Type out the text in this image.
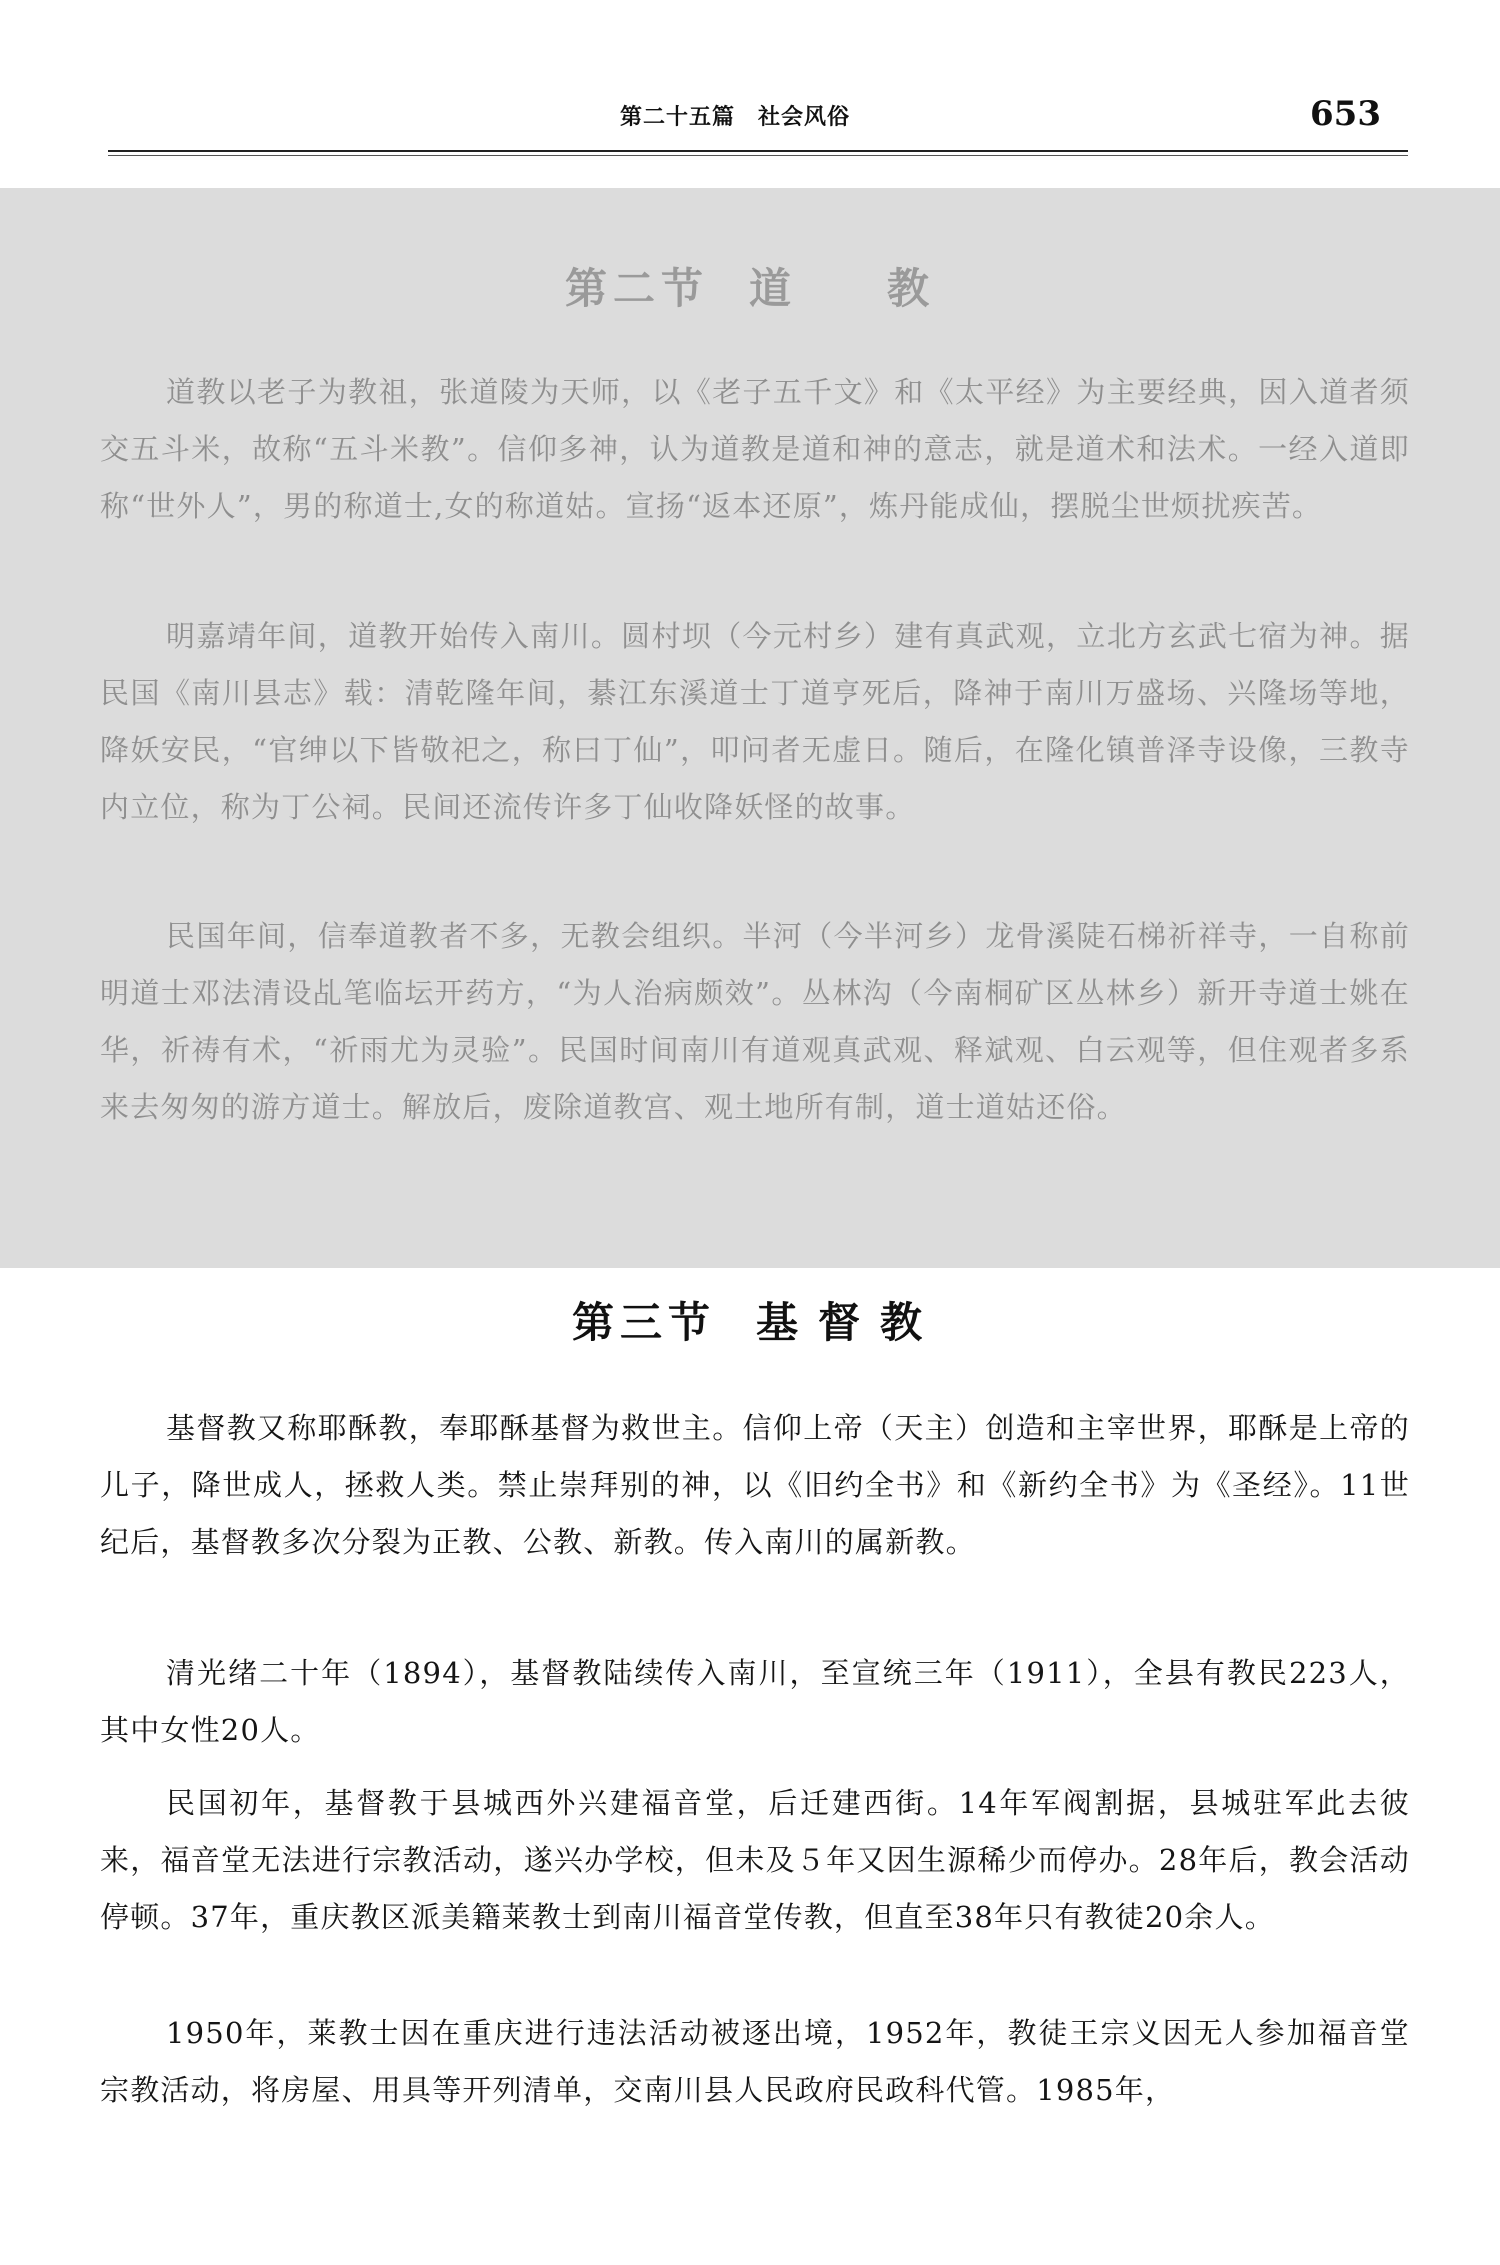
第二十五篇　社会风俗	653
第二节 道 教

道教以老子为教祖，张道陵为天师，以《老子五千文》和《太平经》为主要经典，因入道者须交五斗米，故称“五斗米教”。信仰多神，认为道教是道和神的意志，就是道术和法术。一经入道即称“世外人”，男的称道士,女的称道姑。宣扬“返本还原”，炼丹能成仙，摆脱尘世烦扰疾苦。

明嘉靖年间，道教开始传入南川。圆村坝（今元村乡）建有真武观，立北方玄武七宿为神。据民国《南川县志》载：清乾隆年间，綦江东溪道士丁道亨死后，降神于南川万盛场、兴隆场等地，降妖安民，“官绅以下皆敬祀之，称曰丁仙”，叩问者无虚日。随后，在隆化镇普泽寺设像，三教寺内立位，称为丁公祠。民间还流传许多丁仙收降妖怪的故事。

民国年间，信奉道教者不多，无教会组织。半河（今半河乡）龙骨溪陡石梯祈祥寺，一自称前明道士邓法清设乩笔临坛开药方，“为人治病颇效”。丛林沟（今南桐矿区丛林乡）新开寺道士姚在华，祈祷有术，“祈雨尤为灵验”。民国时间南川有道观真武观、释斌观、白云观等，但住观者多系来去匆匆的游方道士。解放后，废除道教宫、观土地所有制，道士道姑还俗。

第三节 基 督 教

基督教又称耶酥教，奉耶酥基督为救世主。信仰上帝（天主）创造和主宰世界，耶酥是上帝的儿子，降世成人，拯救人类。禁止崇拜别的神，以《旧约全书》和《新约全书》为《圣经》。11世纪后，基督教多次分裂为正教、公教、新教。传入南川的属新教。

清光绪二十年（1894），基督教陆续传入南川，至宣统三年（1911），全县有教民223人，其中女性20人。

民国初年，基督教于县城西外兴建福音堂，后迁建西街。14年军阀割据，县城驻军此去彼来，福音堂无法进行宗教活动，遂兴办学校，但未及５年又因生源稀少而停办。28年后，教会活动停顿。37年，重庆教区派美籍莱教士到南川福音堂传教，但直至38年只有教徒20余人。

1950年，莱教士因在重庆进行违法活动被逐出境，1952年，教徒王宗义因无人参加福音堂宗教活动，将房屋、用具等开列清单，交南川县人民政府民政科代管。1985年，
